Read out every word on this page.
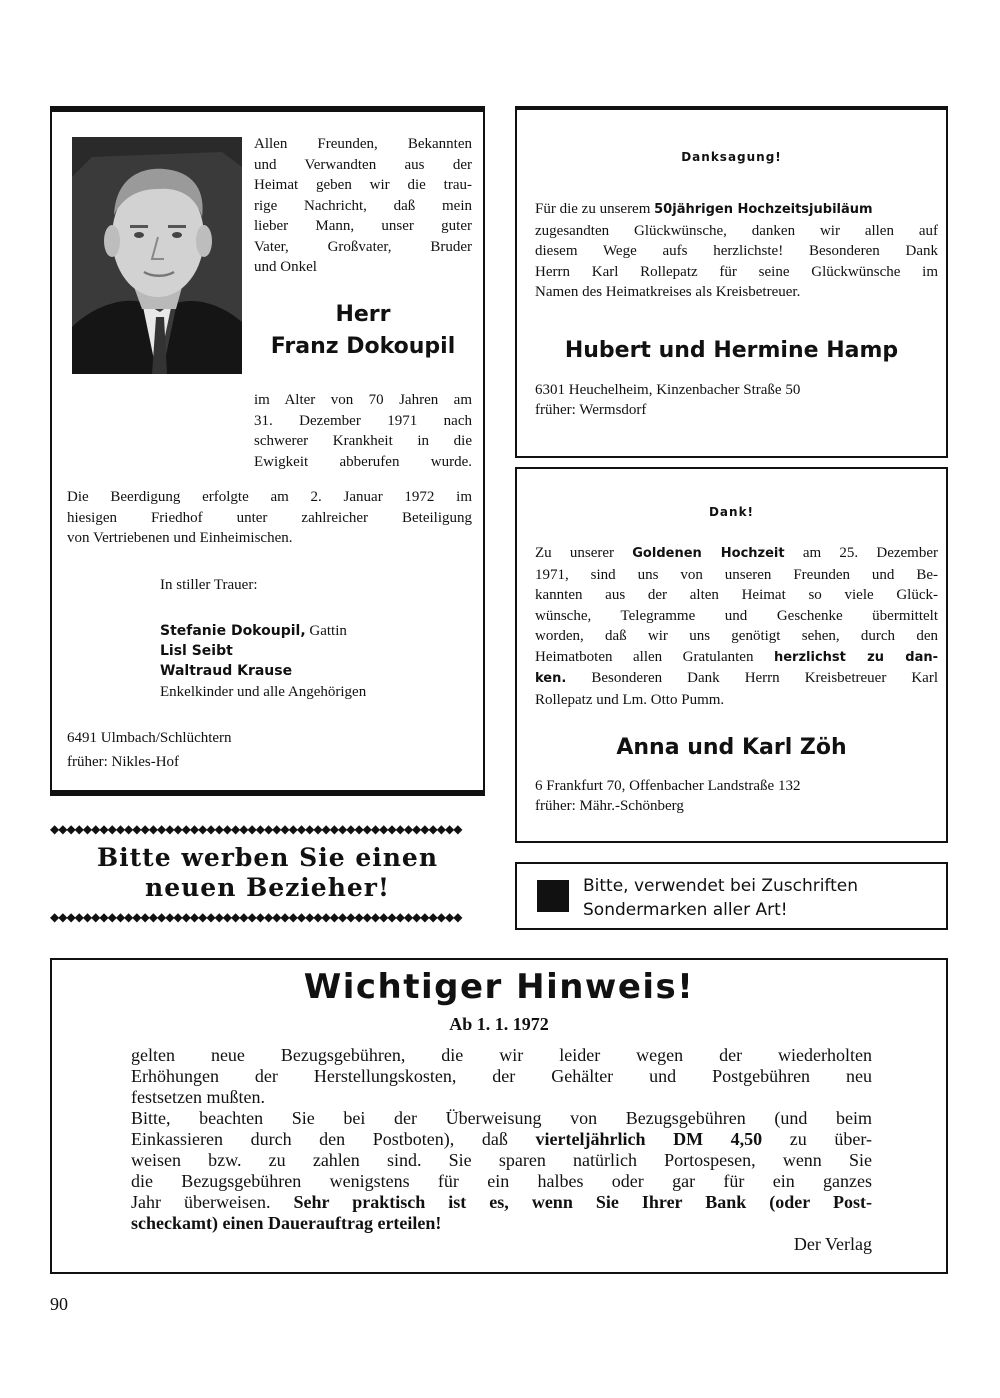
Allen Freunden, Bekannten
und Verwandten aus der
Heimat geben wir die trau-
rige Nachricht, daß mein
lieber Mann, unser guter
Vater, Großvater, Bruder
und Onkel
Herr
Franz Dokoupil
im Alter von 70 Jahren am
31. Dezember 1971 nach
schwerer Krankheit in die
Ewigkeit abberufen wurde.
Die Beerdigung erfolgte am 2. Januar 1972 im
hiesigen Friedhof unter zahlreicher Beteiligung
von Vertriebenen und Einheimischen.
In stiller Trauer:
Stefanie Dokoupil, Gattin
Lisl Seibt
Waltraud Krause
Enkelkinder und alle Angehörigen
6491 Ulmbach/Schlüchtern
früher: Nikles-Hof
◆◆◆◆◆◆◆◆◆◆◆◆◆◆◆◆◆◆◆◆◆◆◆◆◆◆◆◆◆◆◆◆◆◆◆◆◆◆◆◆◆◆◆◆◆◆◆◆◆◆
Bitte werben Sie einen
neuen Bezieher!
◆◆◆◆◆◆◆◆◆◆◆◆◆◆◆◆◆◆◆◆◆◆◆◆◆◆◆◆◆◆◆◆◆◆◆◆◆◆◆◆◆◆◆◆◆◆◆◆◆◆
Danksagung!
Für die zu unserem 50jährigen Hochzeitsjubiläum
zugesandten Glückwünsche, danken wir allen auf
diesem Wege aufs herzlichste! Besonderen Dank
Herrn Karl Rollepatz für seine Glückwünsche im
Namen des Heimatkreises als Kreisbetreuer.
Hubert und Hermine Hamp
6301 Heuchelheim, Kinzenbacher Straße 50
früher: Wermsdorf
Dank!
Zu unserer Goldenen Hochzeit am 25. Dezember
1971, sind uns von unseren Freunden und Be-
kannten aus der alten Heimat so viele Glück-
wünsche, Telegramme und Geschenke übermittelt
worden, daß wir uns genötigt sehen, durch den
Heimatboten allen Gratulanten herzlichst zu dan-
ken. Besonderen Dank Herrn Kreisbetreuer Karl
Rollepatz und Lm. Otto Pumm.
Anna und Karl Zöh
6 Frankfurt 70, Offenbacher Landstraße 132
früher: Mähr.-Schönberg
Bitte, verwendet bei Zuschriften
Sondermarken aller Art!
Wichtiger Hinweis!
Ab 1. 1. 1972
gelten neue Bezugsgebühren, die wir leider wegen der wiederholten
Erhöhungen der Herstellungskosten, der Gehälter und Postgebühren neu
festsetzen mußten.
Bitte, beachten Sie bei der Überweisung von Bezugsgebühren (und beim
Einkassieren durch den Postboten), daß vierteljährlich DM 4,50 zu über-
weisen bzw. zu zahlen sind. Sie sparen natürlich Portospesen, wenn Sie
die Bezugsgebühren wenigstens für ein halbes oder gar für ein ganzes
Jahr überweisen. Sehr praktisch ist es, wenn Sie Ihrer Bank (oder Post-
scheckamt) einen Dauerauftrag erteilen!
Der Verlag
90
